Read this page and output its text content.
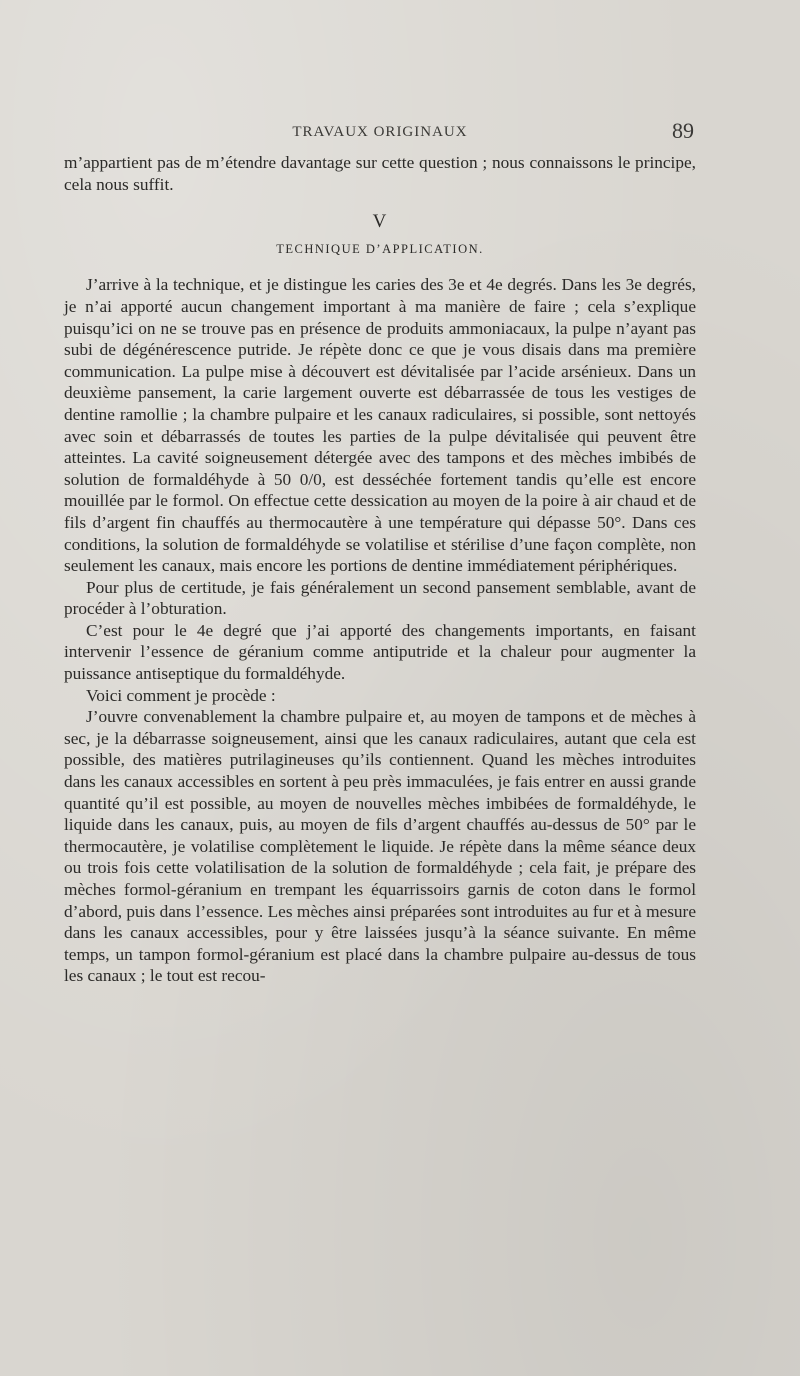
TRAVAUX ORIGINAUX	89

m’appartient pas de m’étendre davantage sur cette question ; nous connaissons le principe, cela nous suffit.

V
TECHNIQUE D’APPLICATION.

J’arrive à la technique, et je distingue les caries des 3e et 4e degrés. Dans les 3e degrés, je n’ai apporté aucun changement important à ma manière de faire ; cela s’explique puisqu’ici on ne se trouve pas en présence de produits ammoniacaux, la pulpe n’ayant pas subi de dégénérescence putride. Je répète donc ce que je vous disais dans ma première communication. La pulpe mise à découvert est dévitalisée par l’acide arsénieux. Dans un deuxième pansement, la carie largement ouverte est débarrassée de tous les vestiges de dentine ramollie ; la chambre pulpaire et les canaux radiculaires, si possible, sont nettoyés avec soin et débarrassés de toutes les parties de la pulpe dévitalisée qui peuvent être atteintes. La cavité soigneusement détergée avec des tampons et des mèches imbibés de solution de formaldéhyde à 50 0/0, est desséchée fortement tandis qu’elle est encore mouillée par le formol. On effectue cette dessication au moyen de la poire à air chaud et de fils d’argent fin chauffés au thermocautère à une température qui dépasse 50°. Dans ces conditions, la solution de formaldéhyde se volatilise et stérilise d’une façon complète, non seulement les canaux, mais encore les portions de dentine immédiatement périphériques.

Pour plus de certitude, je fais généralement un second pansement semblable, avant de procéder à l’obturation.

C’est pour le 4e degré que j’ai apporté des changements importants, en faisant intervenir l’essence de géranium comme antiputride et la chaleur pour augmenter la puissance antiseptique du formaldéhyde.

Voici comment je procède :

J’ouvre convenablement la chambre pulpaire et, au moyen de tampons et de mèches à sec, je la débarrasse soigneusement, ainsi que les canaux radiculaires, autant que cela est possible, des matières putrilagineuses qu’ils contiennent. Quand les mèches introduites dans les canaux accessibles en sortent à peu près immaculées, je fais entrer en aussi grande quantité qu’il est possible, au moyen de nouvelles mèches imbibées de formaldéhyde, le liquide dans les canaux, puis, au moyen de fils d’argent chauffés au-dessus de 50° par le thermocautère, je volatilise complètement le liquide. Je répète dans la même séance deux ou trois fois cette volatilisation de la solution de formaldéhyde ; cela fait, je prépare des mèches formol-géranium en trempant les équarrissoirs garnis de coton dans le formol d’abord, puis dans l’essence. Les mèches ainsi préparées sont introduites au fur et à mesure dans les canaux accessibles, pour y être laissées jusqu’à la séance suivante. En même temps, un tampon formol-géranium est placé dans la chambre pulpaire au-dessus de tous les canaux ; le tout est recou-
